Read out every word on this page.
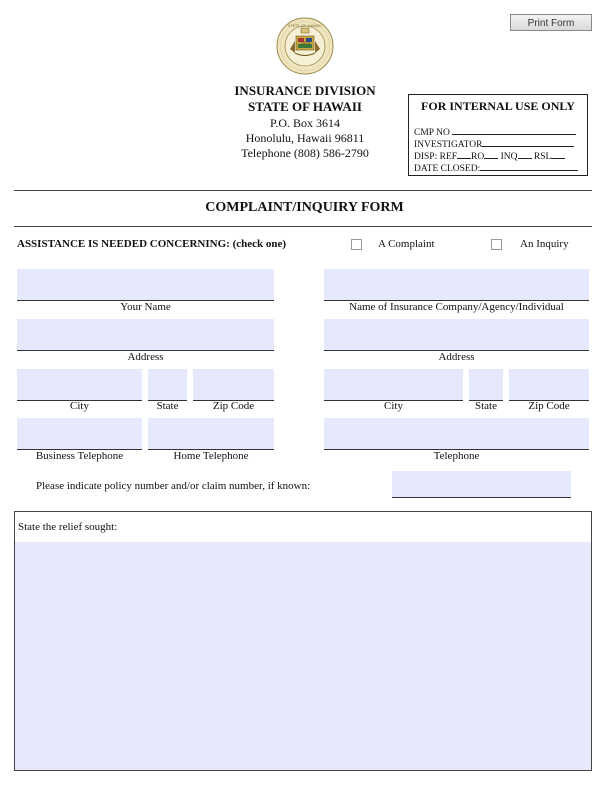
Print Form
STATE OF HAWAII
1959
INSURANCE DIVISION
STATE OF HAWAII
P.O. Box 3614
Honolulu, Hawaii 96811
Telephone (808) 586-2790
FOR INTERNAL USE ONLY
CMP NO
INVESTIGATOR
DISP: REF RO INQ RSL
DATE CLOSED:
COMPLAINT/INQUIRY FORM
ASSISTANCE IS NEEDED CONCERNING: (check one)	A Complaint	An Inquiry
Your Name
Address
City	State	Zip Code
Business Telephone	Home Telephone
Name of Insurance Company/Agency/Individual
Address
City	State	Zip Code
Telephone
Please indicate policy number and/or claim number, if known:
State the relief sought:
